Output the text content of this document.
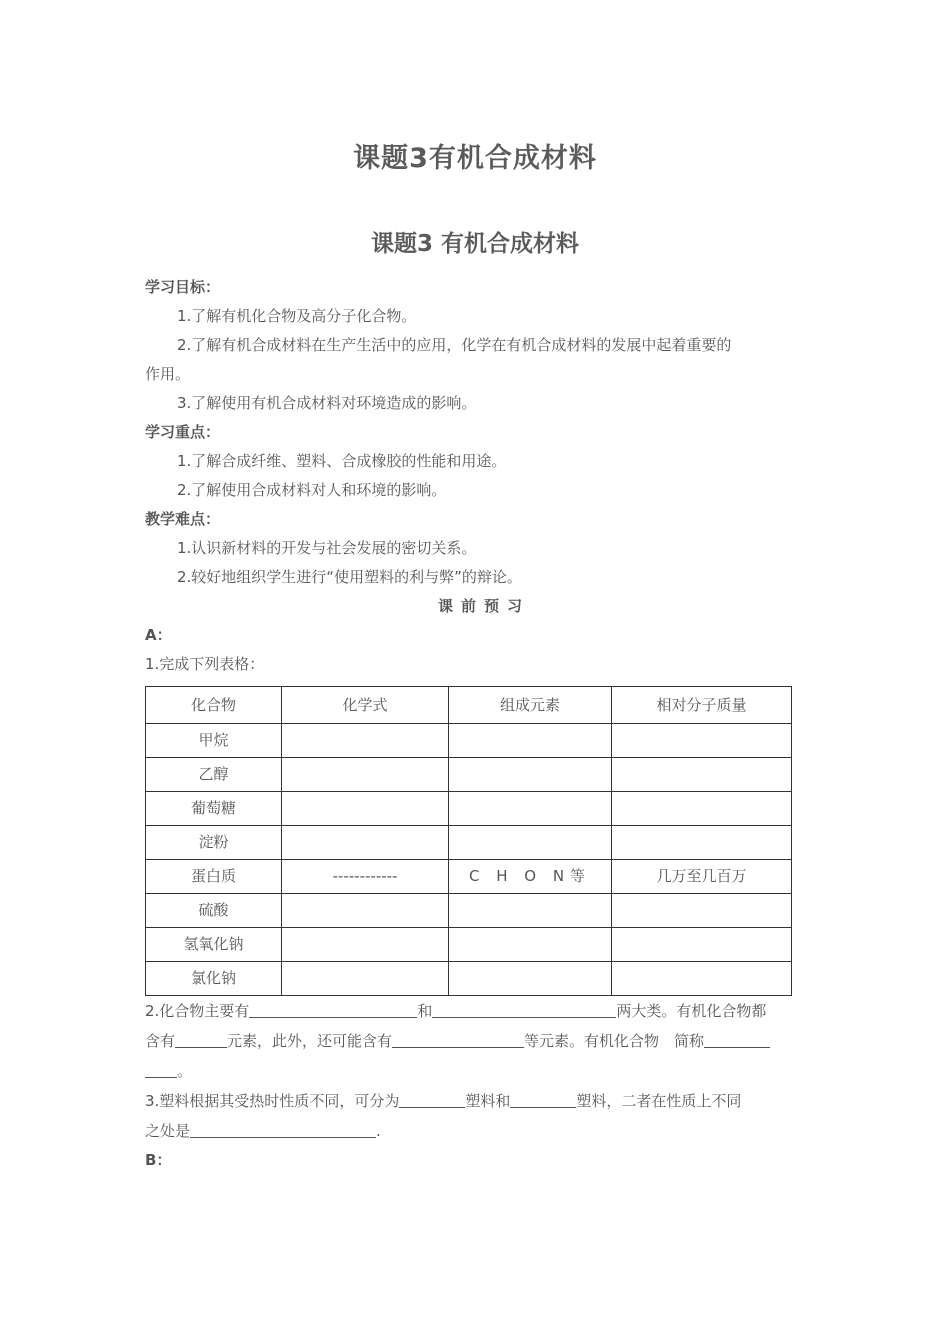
课题3有机合成材料
课题3 有机合成材料

学习目标：

1.了解有机化合物及高分子化合物。

2.了解有机合成材料在生产生活中的应用，化学在有机合成材料的发展中起着重要的

作用。

3.了解使用有机合成材料对环境造成的影响。

学习重点：

1.了解合成纤维、塑料、合成橡胶的性能和用途。

2.了解使用合成材料对人和环境的影响。

教学难点：

1.认识新材料的开发与社会发展的密切关系。

2.较好地组织学生进行“使用塑料的利与弊”的辩论。

课前预习

A：

1.完成下列表格：

化合物	化学式	组成元素	相对分子质量
甲烷			
乙醇			
葡萄糖			
淀粉			
蛋白质	------------	C H O N等	几万至几百万
硫酸			
氢氧化钠			
氯化钠			

2.化合物主要有	和	两大类。有机化合物都
含有	元素，此外，还可能含有	等元素。有机化合物　简称
。

3.塑料根据其受热时性质不同，可分为	塑料和	塑料，二者在性质上不同
之处是	.

B：
